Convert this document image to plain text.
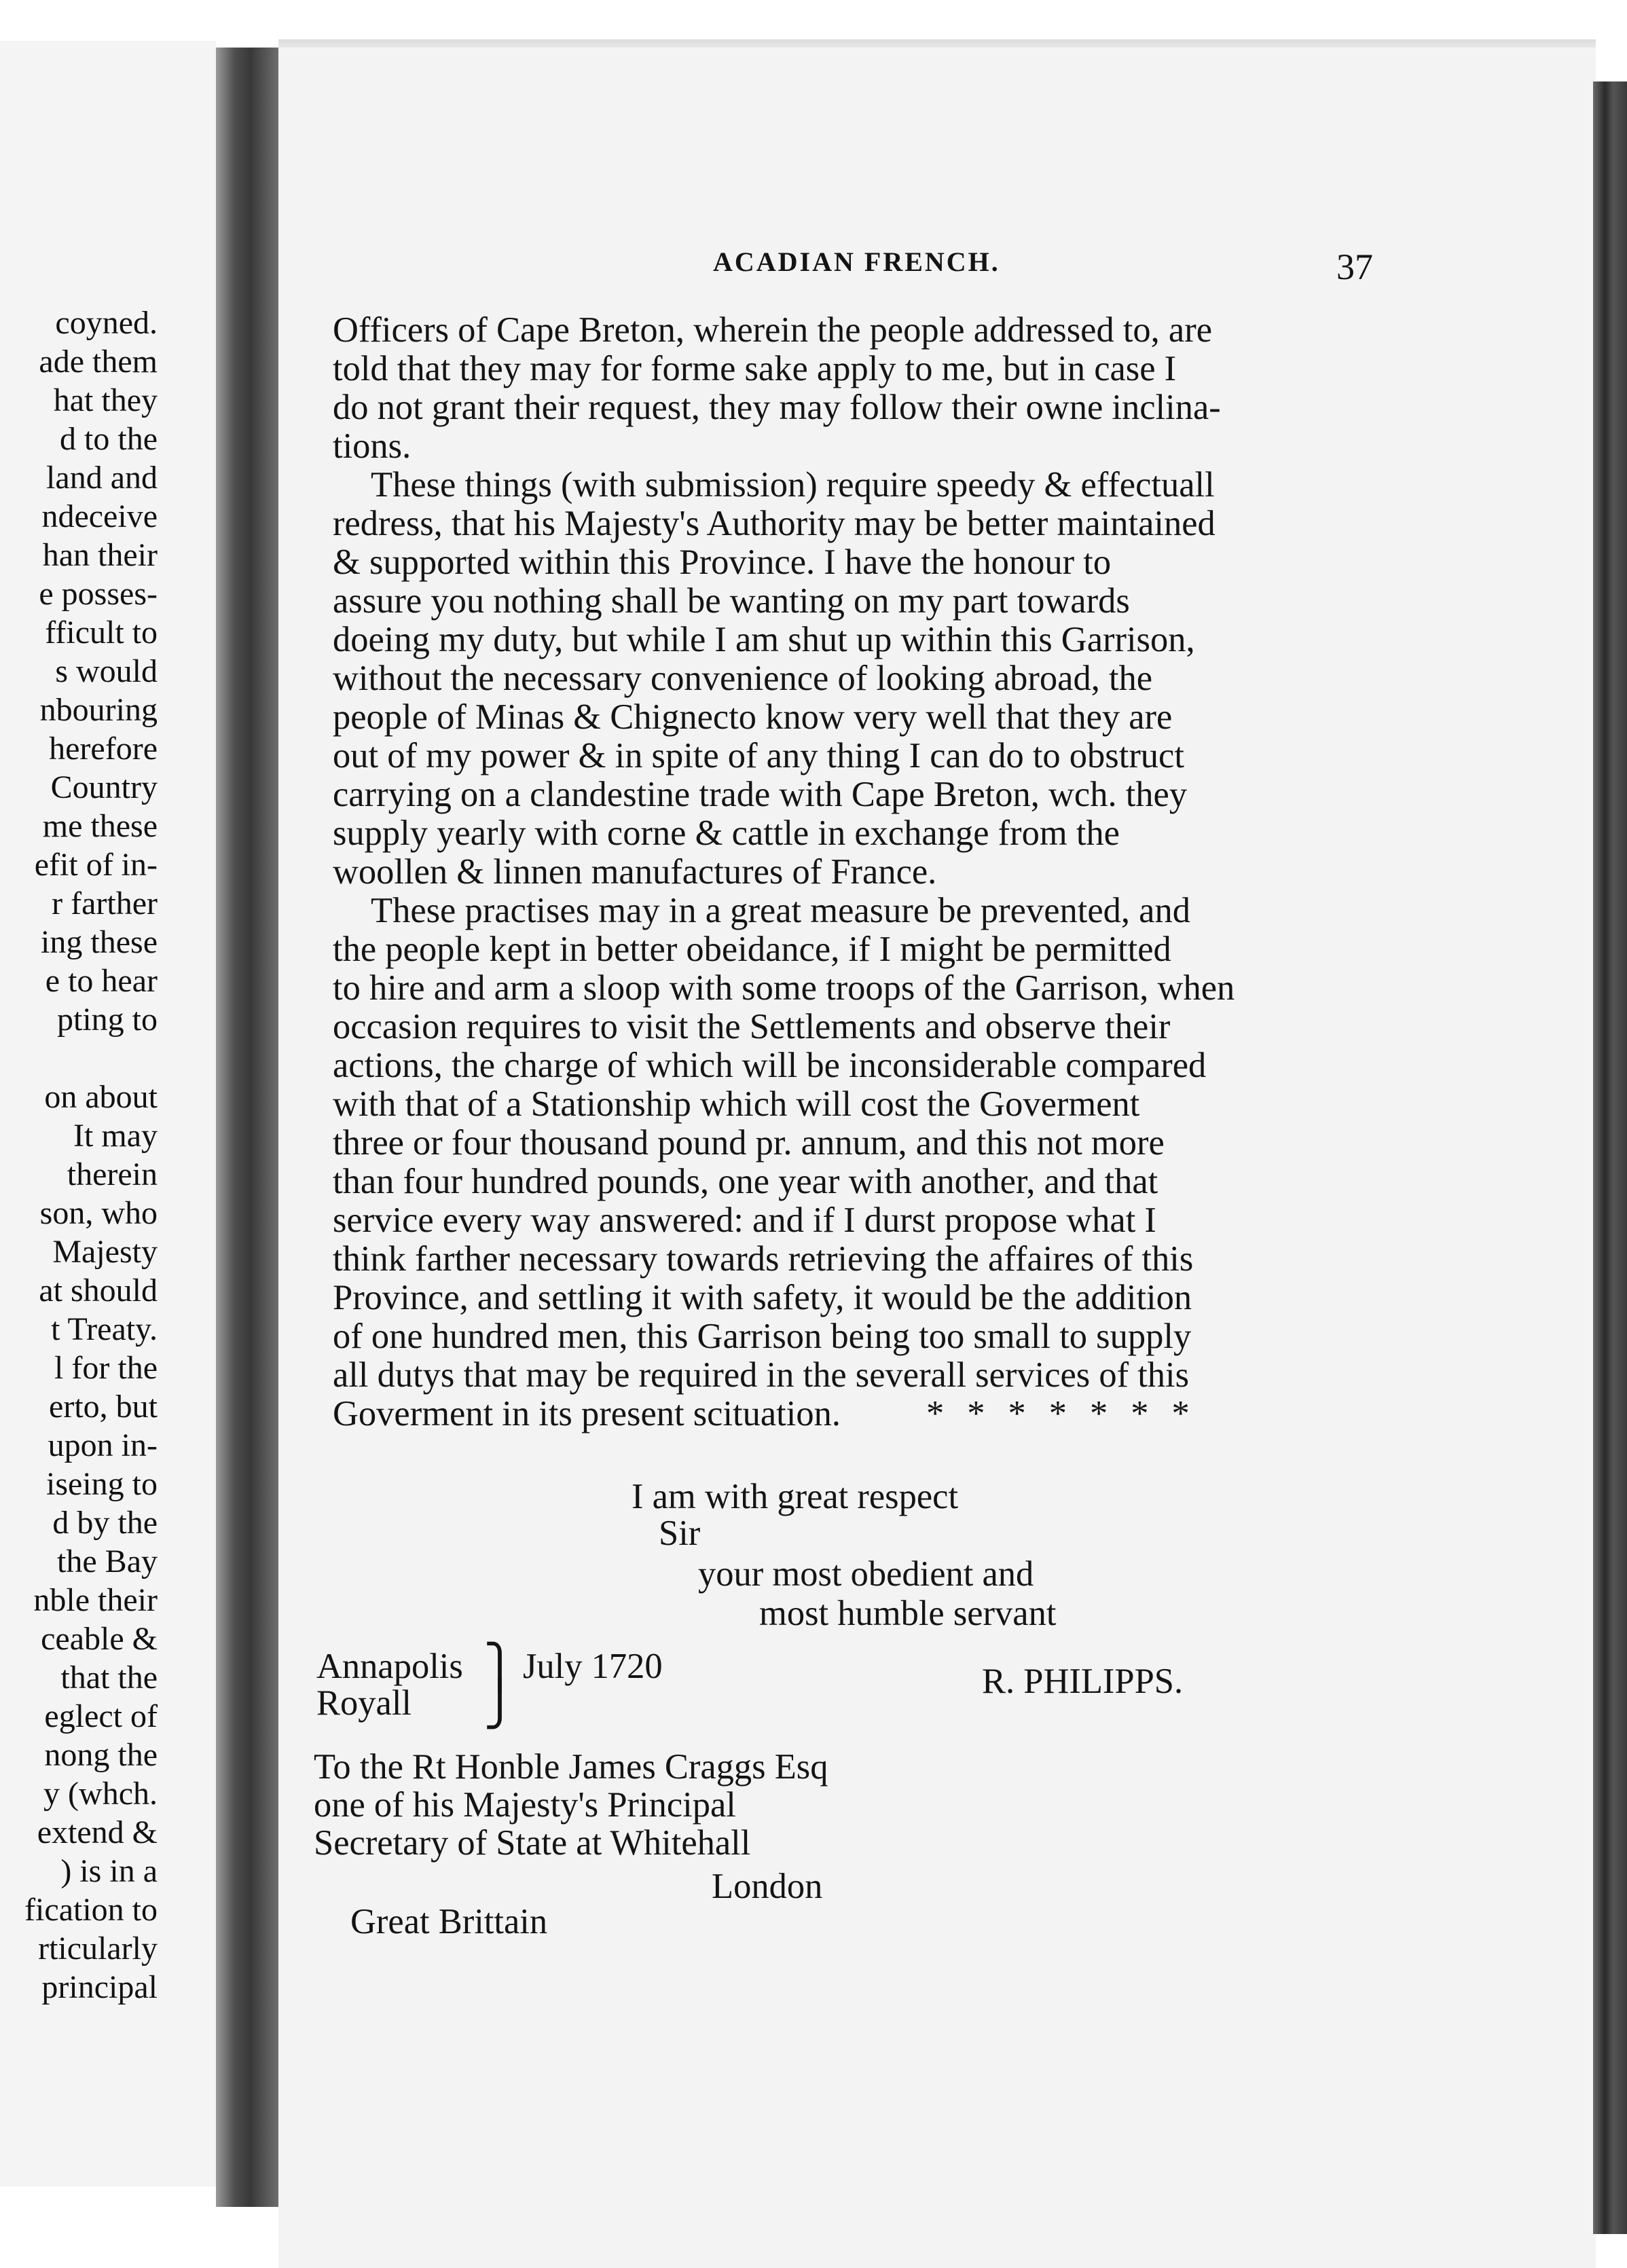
coyned.
ade them
hat they
d to the
land and
ndeceive
han their
e posses-
fficult to
s would
nbouring
herefore
Country
me these
efit of in-
r farther
ing these
e to hear
pting to
on about
It may
therein
son, who
Majesty
at should
t Treaty.
l for the
erto, but
upon in-
iseing to
d by the
the Bay
nble their
ceable &
that the
eglect of
nong the
y (whch.
extend &
) is in a
fication to
rticularly
principal
ACADIAN FRENCH.	37
Officers of Cape Breton, wherein the people addressed to, are
told that they may for forme sake apply to me, but in case I
do not grant their request, they may follow their owne inclina-
tions.
These things (with submission) require speedy & effectuall
redress, that his Majesty's Authority may be better maintained
& supported within this Province. I have the honour to
assure you nothing shall be wanting on my part towards
doeing my duty, but while I am shut up within this Garrison,
without the necessary convenience of looking abroad, the
people of Minas & Chignecto know very well that they are
out of my power & in spite of any thing I can do to obstruct
carrying on a clandestine trade with Cape Breton, wch. they
supply yearly with corne & cattle in exchange from the
woollen & linnen manufactures of France.
These practises may in a great measure be prevented, and
the people kept in better obeidance, if I might be permitted
to hire and arm a sloop with some troops of the Garrison, when
occasion requires to visit the Settlements and observe their
actions, the charge of which will be inconsiderable compared
with that of a Stationship which will cost the Goverment
three or four thousand pound pr. annum, and this not more
than four hundred pounds, one year with another, and that
service every way answered: and if I durst propose what I
think farther necessary towards retrieving the affaires of this
Province, and settling it with safety, it would be the addition
of one hundred men, this Garrison being too small to supply
all dutys that may be required in the severall services of this
Goverment in its present scituation.	* * * * * * *
I am with great respect
Sir
your most obedient and
most humble servant
Annapolis
Royall
⎫
⎭
July 1720	R. PHILIPPS.
To the Rt Honble James Craggs Esq
one of his Majesty's Principal
Secretary of State at Whitehall
London
Great Brittain
